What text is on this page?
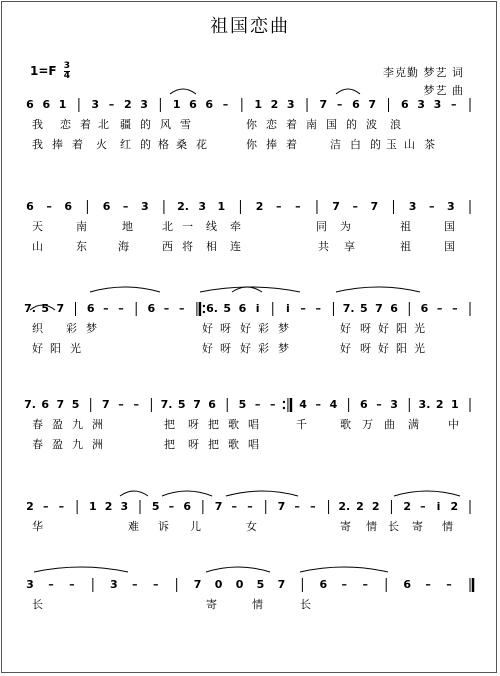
祖国恋曲
$1=F \frac{3}{4}$	李克勤 梦艺 词
梦艺 曲
6 6 1 3 – 2 3 1 6 6 – 1 2 3 7 – 6 7 6 3 3 –
我 恋 着 北 疆 的 风 雪	你 恋 着 南 国 的 波 浪
我 捧 着 火 红 的 格 桑 花	你 捧 着	洁 白 的 玉 山 茶
6 – 6	6 – 3	2. 3 1	2 – –	7 – 7	3 – 3
天	南	地	北 一 线 牵	同 为	祖	国
山	东	海	西 将 相 连	共 享	祖	国
7. 5 7 6 – – 6 – – 6. 5 6 i i – – 7. 5 7 6 6 – –
织 彩 梦	好 呀 好 彩 梦	好 呀 好 阳 光
好 阳 光	好 呀 好 彩 梦	好 呀 好 阳 光
7. 6 7 5 7 – – 7. 5 7 6 5 – – 4 – 4 6 – 3 3. 2 1
春 盈 九 洲	把 呀 把 歌 唱	千	歌 万 曲 满	中
春 盈 九 洲	把 呀 把 歌 唱
2 – – 1 2 3 5 – 6 7 – – 7 – – 2. 2 2 2 – i 2
华	难 诉 儿	女	寄 情 长 寄 情
3 – –	3 – –	7 0 0 5 7	6 – –	6 – –
长	寄	情	长
